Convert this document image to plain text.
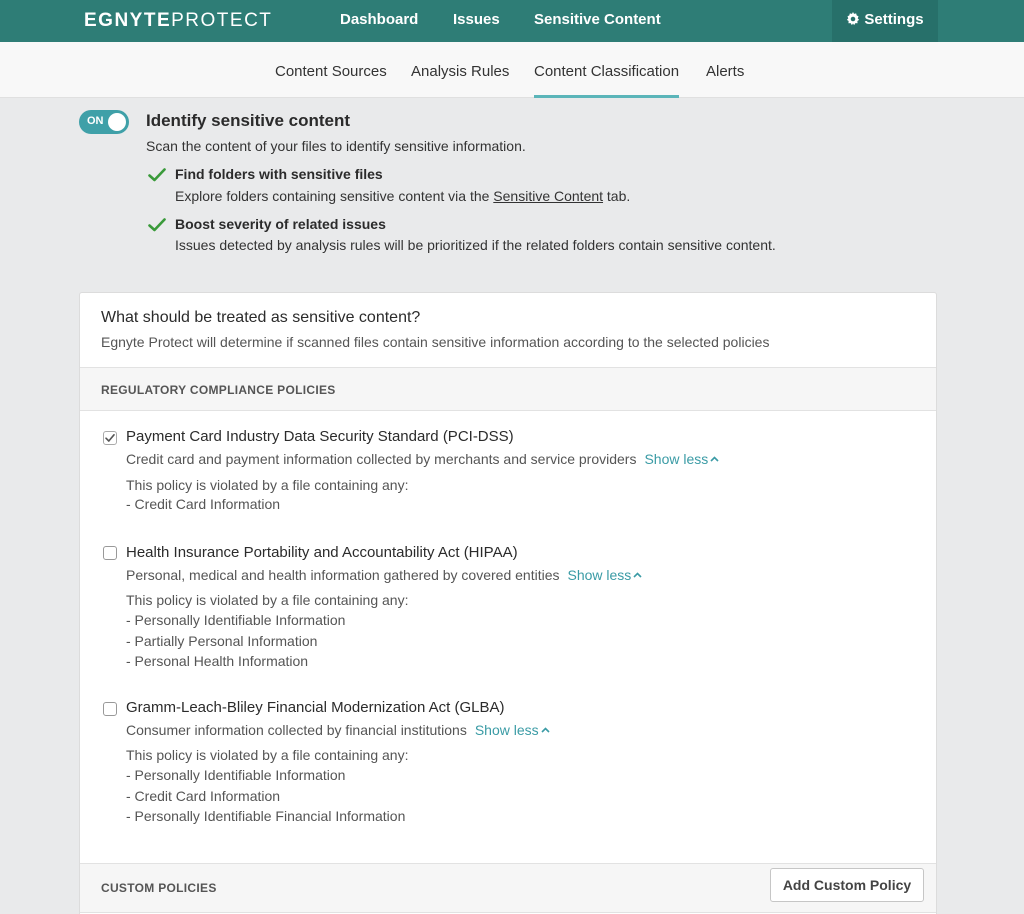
EGNYTEPROTECT	Dashboard Issues Sensitive Content	Settings
Content Sources Analysis Rules Content Classification Alerts
ON	Identify sensitive content
Scan the content of your files to identify sensitive information.
Find folders with sensitive files
Explore folders containing sensitive content via the Sensitive Content tab.
Boost severity of related issues
Issues detected by analysis rules will be prioritized if the related folders contain sensitive content.
What should be treated as sensitive content?
Egnyte Protect will determine if scanned files contain sensitive information according to the selected policies
REGULATORY COMPLIANCE POLICIES
Payment Card Industry Data Security Standard (PCI-DSS)
Credit card and payment information collected by merchants and service providers Show less
This policy is violated by a file containing any:
- Credit Card Information
Health Insurance Portability and Accountability Act (HIPAA)
Personal, medical and health information gathered by covered entities Show less
This policy is violated by a file containing any:
- Personally Identifiable Information
- Partially Personal Information
- Personal Health Information
Gramm-Leach-Bliley Financial Modernization Act (GLBA)
Consumer information collected by financial institutions Show less
This policy is violated by a file containing any:
- Personally Identifiable Information
- Credit Card Information
- Personally Identifiable Financial Information
CUSTOM POLICIES	Add Custom Policy
